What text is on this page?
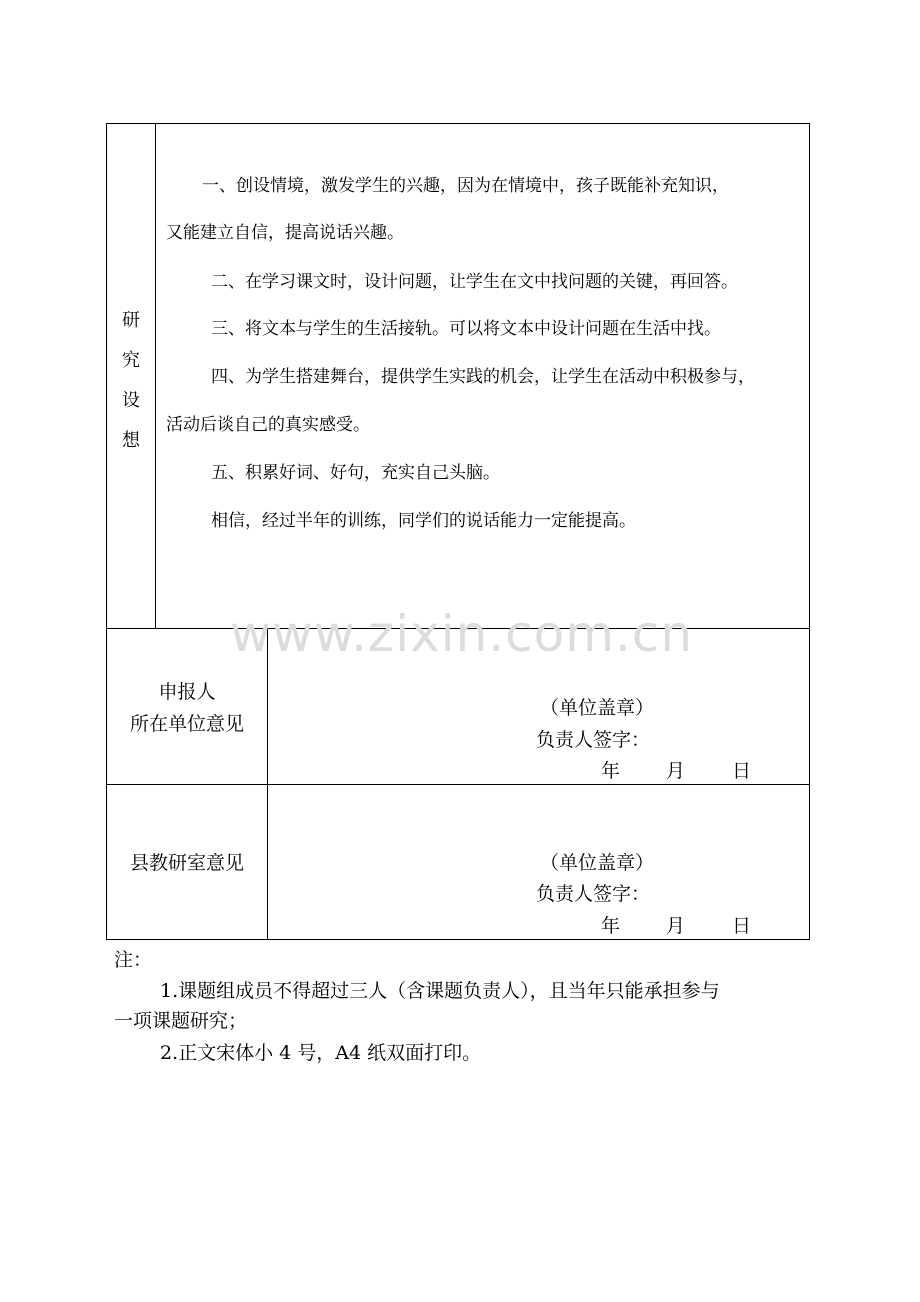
研
究
设
想
一、创设情境，激发学生的兴趣，因为在情境中，孩子既能补充知识，
又能建立自信，提高说话兴趣。
二、在学习课文时，设计问题，让学生在文中找问题的关键，再回答。
三、将文本与学生的生活接轨。可以将文本中设计问题在生活中找。
四、为学生搭建舞台，提供学生实践的机会，让学生在活动中积极参与，
活动后谈自己的真实感受。
五、积累好词、好句，充实自己头脑。
相信，经过半年的训练，同学们的说话能力一定能提高。
www.zixin.com.cn
申报人
所在单位意见
（单位盖章）
负责人签字：
年 月 日
县教研室意见	（单位盖章）
负责人签字：
年 月 日
注：
1.课题组成员不得超过三人（含课题负责人），且当年只能承担参与
一项课题研究；
2.正文宋体小 4 号，A4 纸双面打印。
